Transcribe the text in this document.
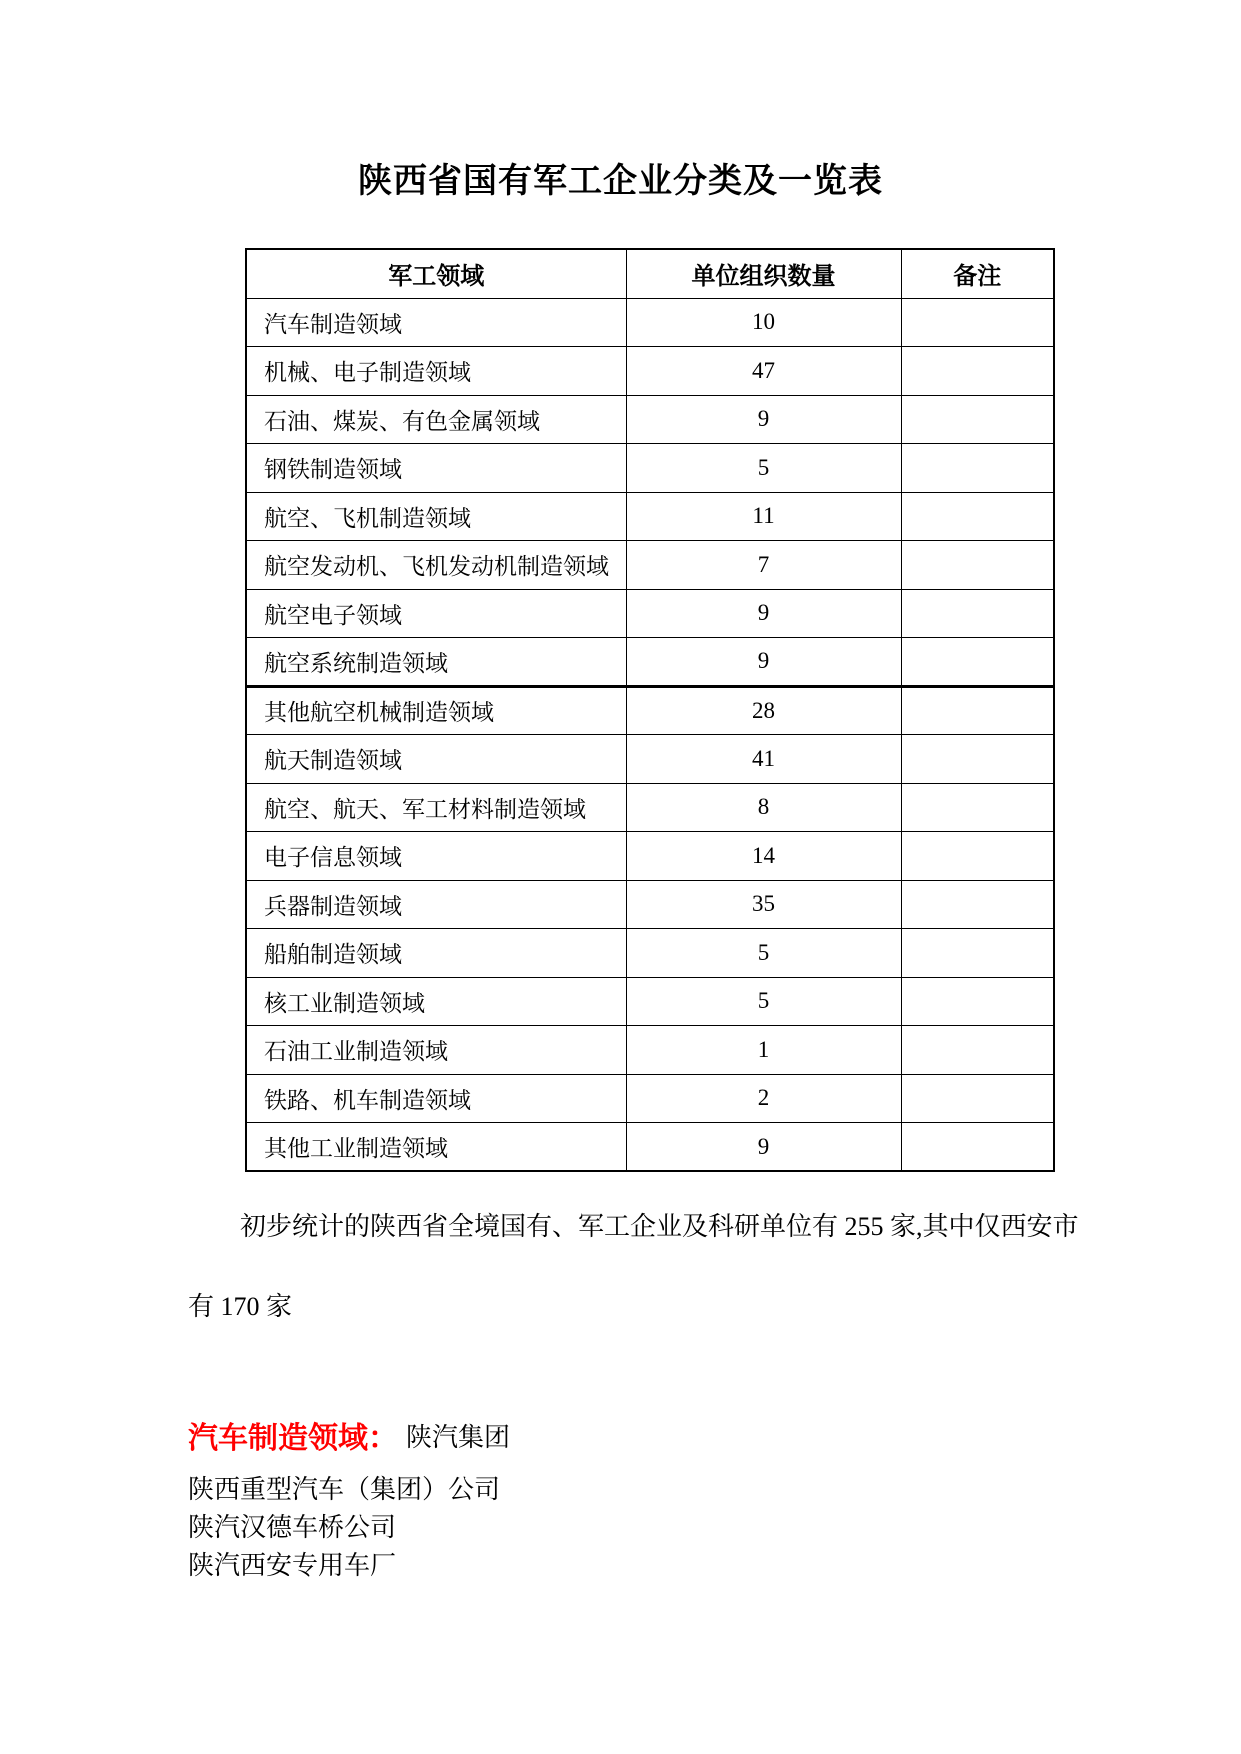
陕西省国有军工企业分类及一览表
军工领域	单位组织数量	备注
汽车制造领域	10	
机械、电子制造领域	47	
石油、煤炭、有色金属领域	9	
钢铁制造领域	5	
航空、飞机制造领域	11	
航空发动机、飞机发动机制造领域	7	
航空电子领域	9	
航空系统制造领域	9	
其他航空机械制造领域	28	
航天制造领域	41	
航空、航天、军工材料制造领域	8	
电子信息领域	14	
兵器制造领域	35	
船舶制造领域	5	
核工业制造领域	5	
石油工业制造领域	1	
铁路、机车制造领域	2	
其他工业制造领域	9	
初步统计的陕西省全境国有、军工企业及科研单位有 255 家,其中仅西安市
有 170 家
汽车制造领域： 陕汽集团
陕西重型汽车（集团）公司
陕汽汉德车桥公司
陕汽西安专用车厂
